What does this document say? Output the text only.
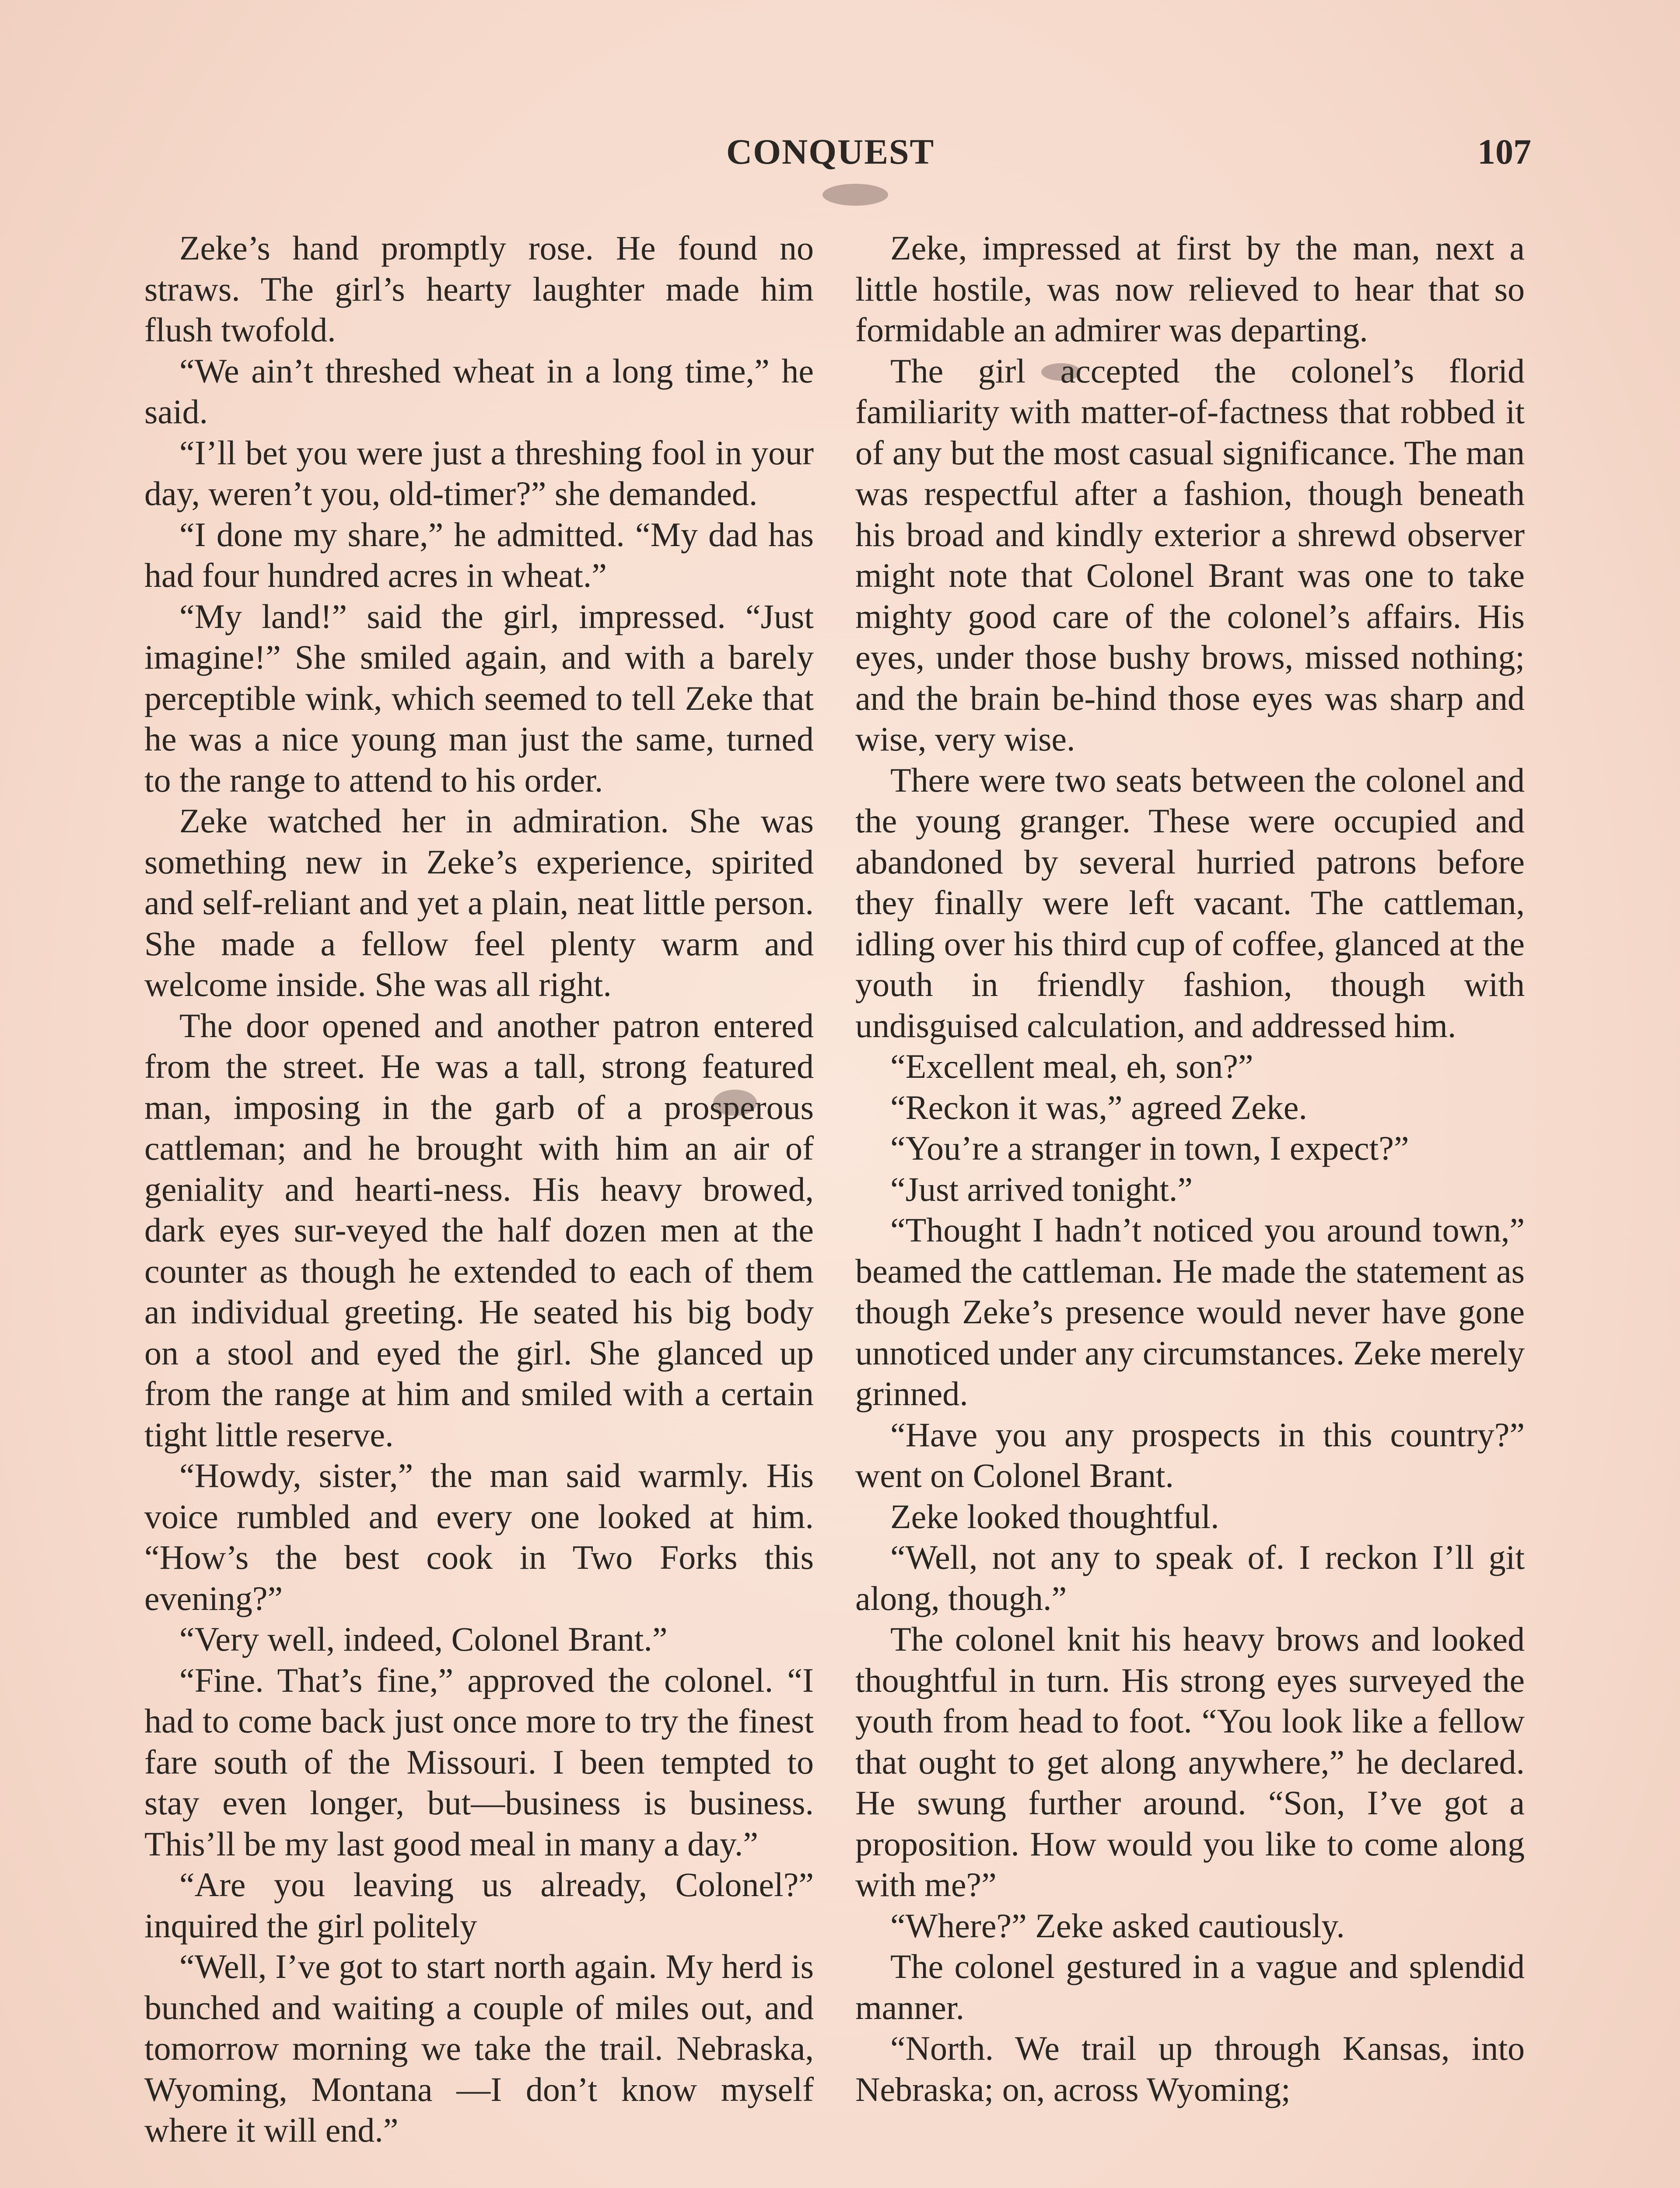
CONQUEST	107

Zeke’s hand promptly rose. He found no straws. The girl’s hearty laughter made him flush twofold.

“We ain’t threshed wheat in a long time,” he said.

“I’ll bet you were just a threshing fool in your day, weren’t you, old-timer?” she demanded.

“I done my share,” he admitted. “My dad has had four hundred acres in wheat.”

“My land!” said the girl, impressed. “Just imagine!” She smiled again, and with a barely perceptible wink, which seemed to tell Zeke that he was a nice young man just the same, turned to the range to attend to his order.

Zeke watched her in admiration. She was something new in Zeke’s experience, spirited and self-reliant and yet a plain, neat little person. She made a fellow feel plenty warm and welcome inside. She was all right.

The door opened and another patron entered from the street. He was a tall, strong featured man, imposing in the garb of a prosperous cattleman; and he brought with him an air of geniality and hearti-ness. His heavy browed, dark eyes sur-veyed the half dozen men at the counter as though he extended to each of them an individual greeting. He seated his big body on a stool and eyed the girl. She glanced up from the range at him and smiled with a certain tight little reserve.

“Howdy, sister,” the man said warmly. His voice rumbled and every one looked at him. “How’s the best cook in Two Forks this evening?”

“Very well, indeed, Colonel Brant.”

“Fine. That’s fine,” approved the colonel. “I had to come back just once more to try the finest fare south of the Missouri. I been tempted to stay even longer, but—business is business. This’ll be my last good meal in many a day.”

“Are you leaving us already, Colonel?” inquired the girl politely

“Well, I’ve got to start north again. My herd is bunched and waiting a couple of miles out, and tomorrow morning we take the trail. Nebraska, Wyoming, Montana —I don’t know myself where it will end.”

Zeke, impressed at first by the man, next a little hostile, was now relieved to hear that so formidable an admirer was departing.

The girl accepted the colonel’s florid familiarity with matter-of-factness that robbed it of any but the most casual significance. The man was respectful after a fashion, though beneath his broad and kindly exterior a shrewd observer might note that Colonel Brant was one to take mighty good care of the colonel’s affairs. His eyes, under those bushy brows, missed nothing; and the brain be-hind those eyes was sharp and wise, very wise.

There were two seats between the colonel and the young granger. These were occupied and abandoned by several hurried patrons before they finally were left vacant. The cattleman, idling over his third cup of coffee, glanced at the youth in friendly fashion, though with undisguised calculation, and addressed him.

“Excellent meal, eh, son?”

“Reckon it was,” agreed Zeke.

“You’re a stranger in town, I expect?”

“Just arrived tonight.”

“Thought I hadn’t noticed you around town,” beamed the cattleman. He made the statement as though Zeke’s presence would never have gone unnoticed under any circumstances. Zeke merely grinned.

“Have you any prospects in this country?” went on Colonel Brant.

Zeke looked thoughtful.

“Well, not any to speak of. I reckon I’ll git along, though.”

The colonel knit his heavy brows and looked thoughtful in turn. His strong eyes surveyed the youth from head to foot. “You look like a fellow that ought to get along anywhere,” he declared. He swung further around. “Son, I’ve got a proposition. How would you like to come along with me?”

“Where?” Zeke asked cautiously.

The colonel gestured in a vague and splendid manner.

“North. We trail up through Kansas, into Nebraska; on, across Wyoming;
